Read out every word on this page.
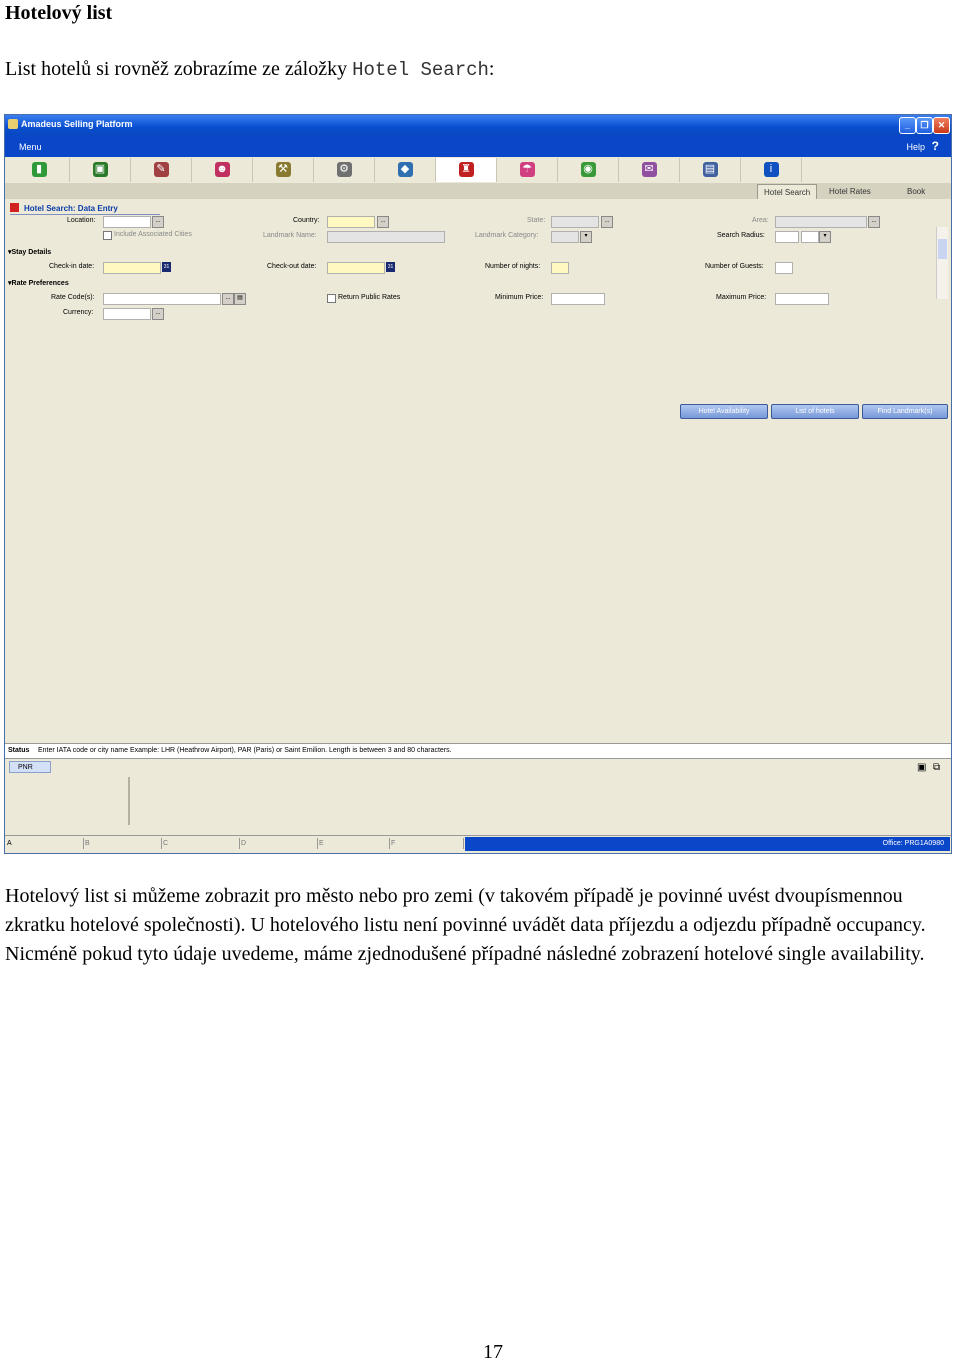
Hotelový list
List hotelů si rovněž zobrazíme ze záložky Hotel Search:
Amadeus Selling Platform	_	❐	✕
Menu	Help ?
▮	▣	✎	☻	⚒	⚙	◆	♜	☂	◉	✉	▤	i
Hotel Search	Hotel Rates	Book
Hotel Search: Data Entry
Location:	...	Country:	...	State:	...	Area:	...
Include Associated Cities	Landmark Name:	Landmark Category:	▾	Search Radius:	▾
▾Stay Details
Check-in date:	31	Check-out date:	31	Number of nights:	Number of Guests:
▾Rate Preferences
Rate Code(s):	...	▤	Return Public Rates	Minimum Price:	Maximum Price:
Currency:	...
Hotel Availability	List of hotels	Find Landmark(s)
Status Enter IATA code or city name Example: LHR (Heathrow Airport), PAR (Paris) or Saint Emilion. Length is between 3 and 80 characters.
PNR	▣ ⧉
A	B	C	D	E	F	Office: PRG1A0980
Hotelový list si můžeme zobrazit pro město nebo pro zemi (v takovém případě je povinné uvést dvoupísmennou zkratku hotelové společnosti). U hotelového listu není povinné uvádět data příjezdu a odjezdu případně occupancy. Nicméně pokud tyto údaje uvedeme, máme zjednodušené případné následné zobrazení hotelové single availability.
17
